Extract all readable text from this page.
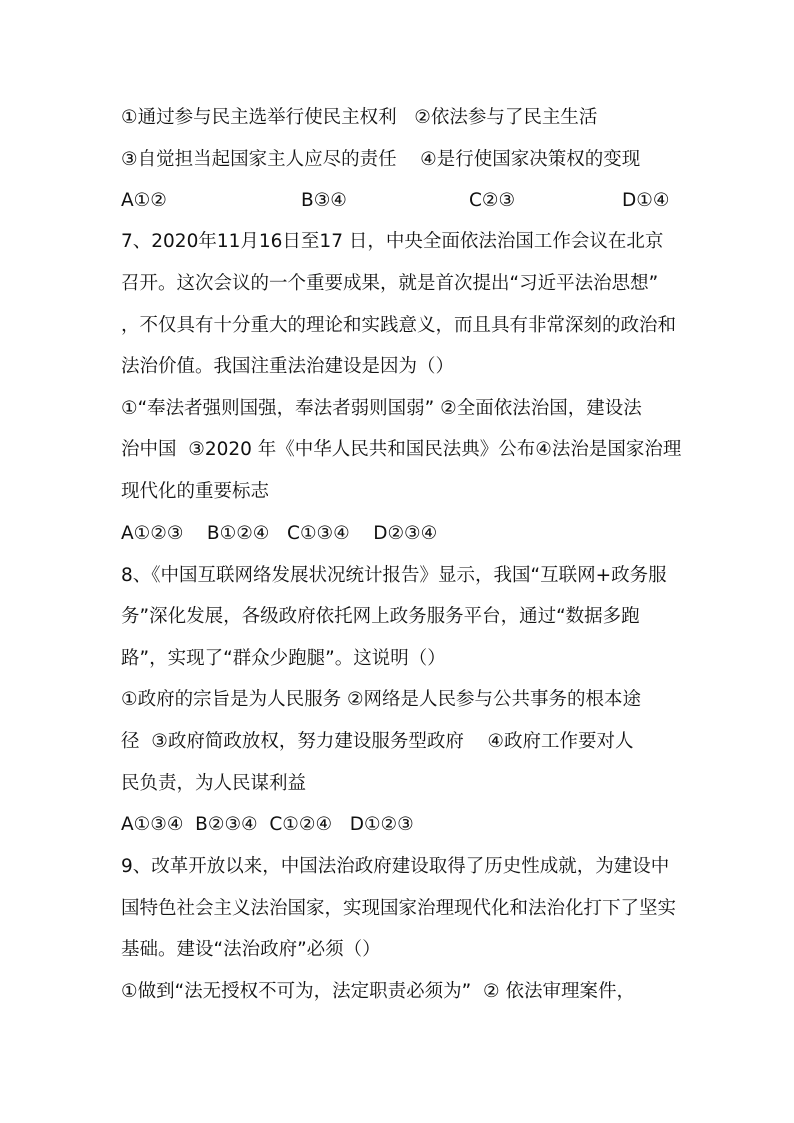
①通过参与民主选举行使民主权利   ②依法参与了民主生活
③自觉担当起国家主人应尽的责任    ④是行使国家决策权的变现

A①②

	B③④

	C②③

	D①④

7、2020年11月16日至17 日，中央全面依法治国工作会议在北京
召开。这次会议的一个重要成果，就是首次提出“习近平法治思想”
，不仅具有十分重大的理论和实践意义，而且具有非常深刻的政治和
法治价值。我国注重法治建设是因为（）
①“奉法者强则国强，奉法者弱则国弱” ②全面依法治国，建设法
治中国  ③2020 年《中华人民共和国民法典》公布④法治是国家治理
现代化的重要标志
A①②③    B①②④   C①③④    D②③④
8、《中国互联网络发展状况统计报告》显示，我国“互联网+政务服
务”深化发展，各级政府依托网上政务服务平台，通过“数据多跑
路”，实现了“群众少跑腿”。这说明（）
①政府的宗旨是为人民服务 ②网络是人民参与公共事务的根本途
径  ③政府简政放权，努力建设服务型政府    ④政府工作要对人
民负责，为人民谋利益
A①③④  B②③④  C①②④   D①②③
9、改革开放以来，中国法治政府建设取得了历史性成就，为建设中
国特色社会主义法治国家，实现国家治理现代化和法治化打下了坚实
基础。建设“法治政府”必须（）
①做到“法无授权不可为，法定职责必须为”  ② 依法审理案件，
